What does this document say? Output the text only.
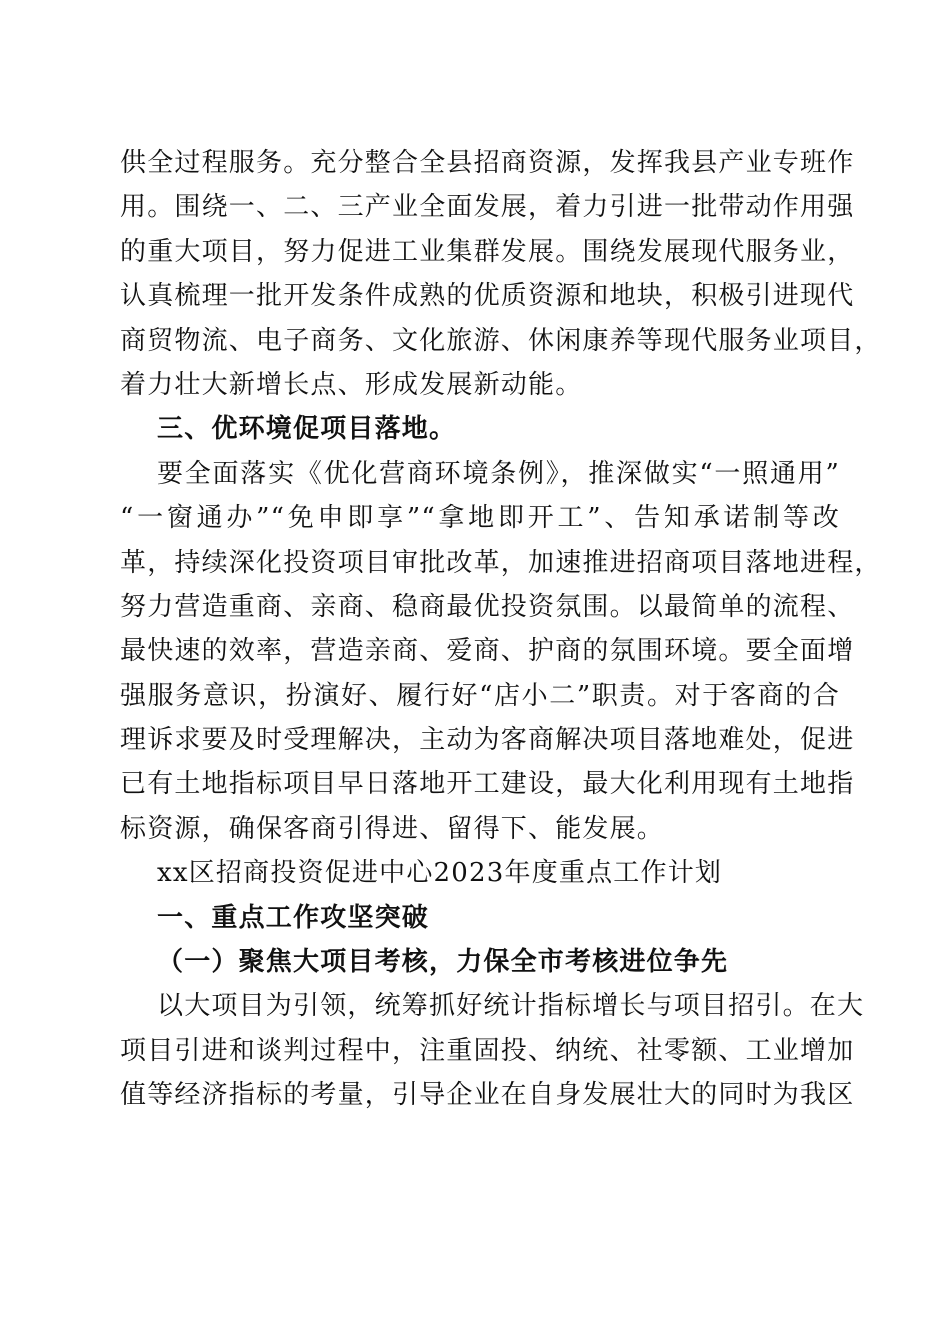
供全过程服务。充分整合全县招商资源，发挥我县产业专班作
用。围绕一、二、三产业全面发展，着力引进一批带动作用强
的重大项目，努力促进工业集群发展。围绕发展现代服务业，
认真梳理一批开发条件成熟的优质资源和地块，积极引进现代
商贸物流、电子商务、文化旅游、休闲康养等现代服务业项目，
着力壮大新增长点、形成发展新动能。
三、优环境促项目落地。
要全面落实《优化营商环境条例》，推深做实“一照通用”
“一窗通办”“免申即享”“拿地即开工”、告知承诺制等改
革，持续深化投资项目审批改革，加速推进招商项目落地进程，
努力营造重商、亲商、稳商最优投资氛围。以最简单的流程、
最快速的效率，营造亲商、爱商、护商的氛围环境。要全面增
强服务意识，扮演好、履行好“店小二”职责。对于客商的合
理诉求要及时受理解决，主动为客商解决项目落地难处，促进
已有土地指标项目早日落地开工建设，最大化利用现有土地指
标资源，确保客商引得进、留得下、能发展。
xx区招商投资促进中心2023年度重点工作计划
一、重点工作攻坚突破
（一）聚焦大项目考核，力保全市考核进位争先
以大项目为引领，统筹抓好统计指标增长与项目招引。在大
项目引进和谈判过程中，注重固投、纳统、社零额、工业增加
值等经济指标的考量，引导企业在自身发展壮大的同时为我区
